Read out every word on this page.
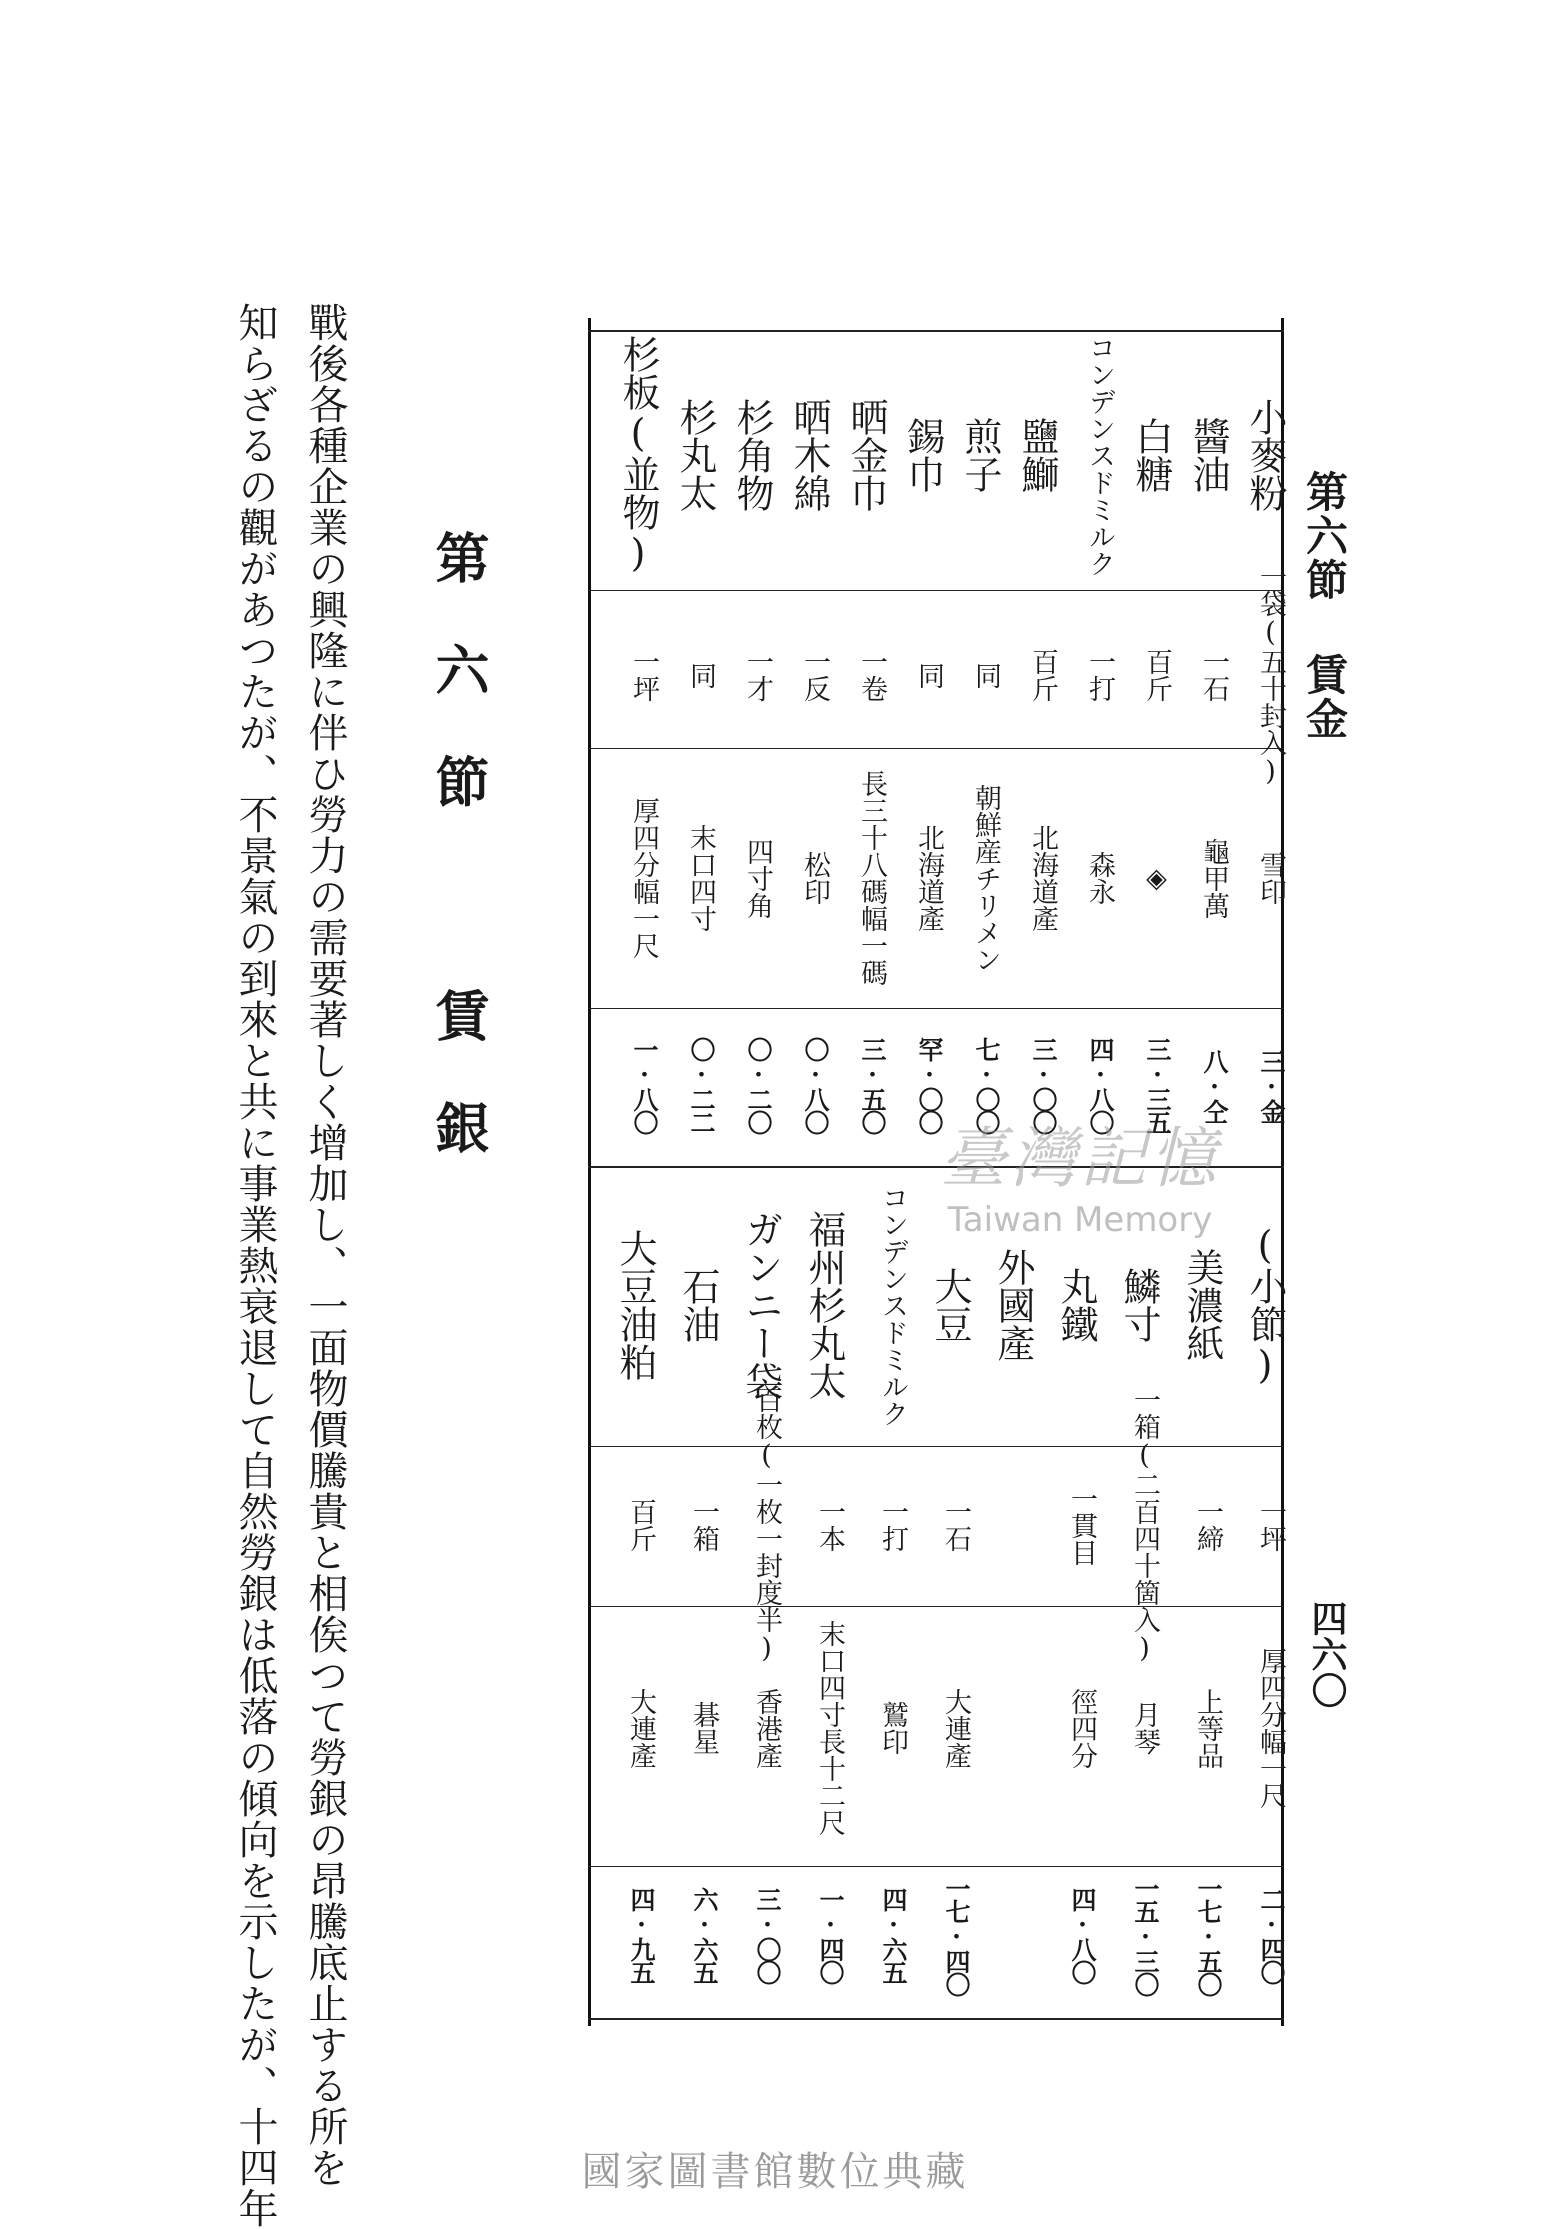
第六節 賃金
四六〇
小麥粉
一袋(五十封入)
雪印
三·金
醬油
一石
龜甲萬
八·仝
白糖
百斤
◈
三·三五
コンデンスドミルク
一打
森永
四·八〇
鹽鰤
百斤
北海道產
三·〇〇
煎子
同
朝鮮産チリメン
七·〇〇
錫巾
同
北海道產
罕·〇〇
晒金巾
一卷
長三十八碼幅一碼
三·五〇
晒木綿
一反
松印
〇·八〇
杉角物
一才
四寸角
〇·二〇
杉丸太
同
末口四寸
〇·二二
杉板(並物)
一坪
厚四分幅一尺
一·八〇
(小節)
一坪
厚四分幅一尺
二·四〇
美濃紙
一締
上等品
一七·五〇
鱗寸
一箱(二百四十箇入)
月琴
一五·三〇
丸鐵
一貫目
徑四分
四·八〇
外國產
大豆
一石
大連產
一七·四〇
コンデンスドミルク
一打
鷲印
四·六五
福州杉丸太
一本
末口四寸長十二尺
一·四〇
ガンニー袋
百枚(一枚一封度半)
香港產
三·〇〇
石油
一箱
碁星
六·六五
大豆油粕
百斤
大連產
四·九五
第六節 賃銀
戰後各種企業の興隆に伴ひ勞力の需要著しく增加し、一面物價騰貴と相俟つて勞銀の昂騰底止する所を
知らざるの觀があつたが、不景氣の到來と共に事業熱衰退して自然勞銀は低落の傾向を示したが、十四年	臺灣記憶
Taiwan Memory
國家圖書館數位典藏
